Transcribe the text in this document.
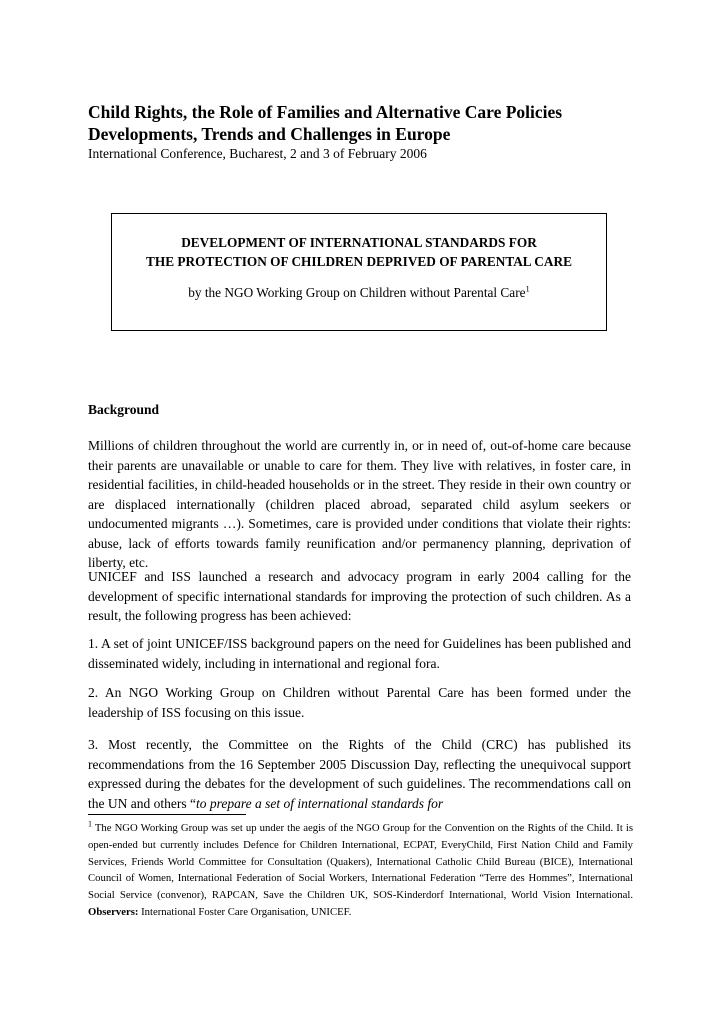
Child Rights, the Role of Families and Alternative Care Policies
Developments, Trends and Challenges in Europe
International Conference, Bucharest, 2 and 3 of February 2006
DEVELOPMENT OF INTERNATIONAL STANDARDS FOR
THE PROTECTION OF CHILDREN DEPRIVED OF PARENTAL CARE
by the NGO Working Group on Children without Parental Care$^1$
Background

Millions of children throughout the world are currently in, or in need of, out-of-home care because their parents are unavailable or unable to care for them. They live with relatives, in foster care, in residential facilities, in child-headed households or in the street. They reside in their own country or are displaced internationally (children placed abroad, separated child asylum seekers or undocumented migrants …). Sometimes, care is provided under conditions that violate their rights: abuse, lack of efforts towards family reunification and/or permanency planning, deprivation of liberty, etc.

UNICEF and ISS launched a research and advocacy program in early 2004 calling for the development of specific international standards for improving the protection of such children. As a result, the following progress has been achieved:

1. A set of joint UNICEF/ISS background papers on the need for Guidelines has been published and disseminated widely, including in international and regional fora.

2. An NGO Working Group on Children without Parental Care has been formed under the leadership of ISS focusing on this issue.

3. Most recently, the Committee on the Rights of the Child (CRC) has published its recommendations from the 16 September 2005 Discussion Day, reflecting the unequivocal support expressed during the debates for the development of such guidelines. The recommendations call on the UN and others “to prepare a set of international standards for

$^1$ The NGO Working Group was set up under the aegis of the NGO Group for the Convention on the Rights of the Child. It is open-ended but currently includes Defence for Children International, ECPAT, EveryChild, First Nation Child and Family Services, Friends World Committee for Consultation (Quakers), International Catholic Child Bureau (BICE), International Council of Women, International Federation of Social Workers, International Federation “Terre des Hommes”, International Social Service (convenor), RAPCAN, Save the Children UK, SOS-Kinderdorf International, World Vision International. Observers: International Foster Care Organisation, UNICEF.
